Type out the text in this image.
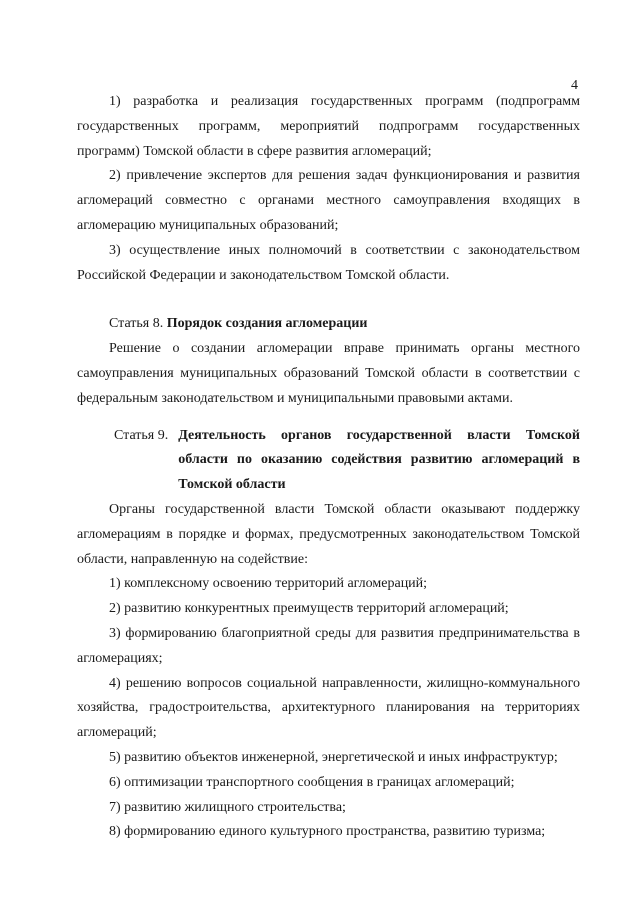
4

1) разработка и реализация государственных программ (подпрограмм государственных программ, мероприятий подпрограмм государственных программ) Томской области в сфере развития агломераций;

2) привлечение экспертов для решения задач функционирования и развития агломераций совместно с органами местного самоуправления входящих в агломерацию муниципальных образований;

3) осуществление иных полномочий в соответствии с законодательством Российской Федерации и законодательством Томской области.

Статья 8. Порядок создания агломерации

Решение о создании агломерации вправе принимать органы местного самоуправления муниципальных образований Томской области в соответствии с федеральным законодательством и муниципальными правовыми актами.

Статья 9. Деятельность органов государственной власти Томской области по оказанию содействия развитию агломераций в Томской области

Органы государственной власти Томской области оказывают поддержку агломерациям в порядке и формах, предусмотренных законодательством Томской области, направленную на содействие:

1) комплексному освоению территорий агломераций;

2) развитию конкурентных преимуществ территорий агломераций;

3) формированию благоприятной среды для развития предпринимательства в агломерациях;

4) решению вопросов социальной направленности, жилищно-коммунального хозяйства, градостроительства, архитектурного планирования на территориях агломераций;

5) развитию объектов инженерной, энергетической и иных инфраструктур;

6) оптимизации транспортного сообщения в границах агломераций;

7) развитию жилищного строительства;

8) формированию единого культурного пространства, развитию туризма;
